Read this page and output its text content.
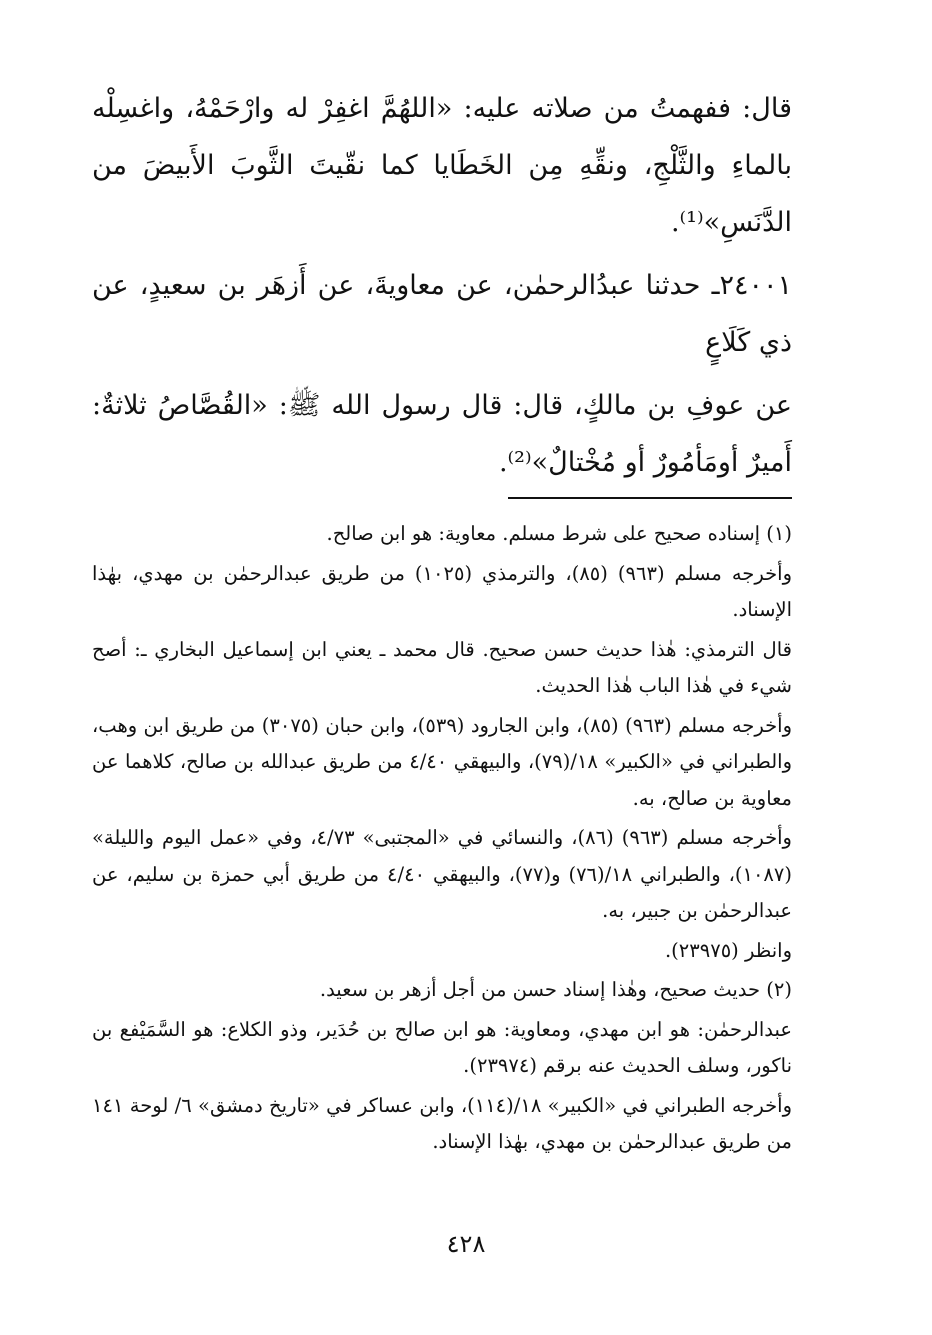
قال: ففهمتُ من صلاته عليه: «اللهُمَّ اغفِرْ له وارْحَمْهُ، واغسِلْه بالماءِ والثَّلْجِ، ونقِّهِ مِن الخَطَايا كما نقّيتَ الثَّوبَ الأَبيضَ من الدَّنَسِ»⁽¹⁾.

٢٤٠٠١ـ حدثنا عبدُالرحمٰن، عن معاويةَ، عن أَزهَر بن سعيدٍ، عن ذي كَلَاعٍ

عن عوفِ بن مالكٍ، قال: قال رسول الله ﷺ: «القُصَّاصُ ثلاثةٌ: أَميرٌ أومَأمُورٌ أو مُخْتالٌ»⁽²⁾.

(١) إسناده صحيح على شرط مسلم. معاوية: هو ابن صالح.

وأخرجه مسلم (٩٦٣) (٨٥)، والترمذي (١٠٢٥) من طريق عبدالرحمٰن بن مهدي، بهٰذا الإسناد.

قال الترمذي: هٰذا حديث حسن صحيح. قال محمد ـ يعني ابن إسماعيل البخاري ـ: أصح شيء في هٰذا الباب هٰذا الحديث.

وأخرجه مسلم (٩٦٣) (٨٥)، وابن الجارود (٥٣٩)، وابن حبان (٣٠٧٥) من طريق ابن وهب، والطبراني في «الكبير» ١٨/(٧٩)، والبيهقي ٤/٤٠ من طريق عبدالله بن صالح، كلاهما عن معاوية بن صالح، به.

وأخرجه مسلم (٩٦٣) (٨٦)، والنسائي في «المجتبى» ٤/٧٣، وفي «عمل اليوم والليلة» (١٠٨٧)، والطبراني ١٨/(٧٦) و(٧٧)، والبيهقي ٤/٤٠ من طريق أبي حمزة بن سليم، عن عبدالرحمٰن بن جبير، به.

وانظر (٢٣٩٧٥).

(٢) حديث صحيح، وهٰذا إسناد حسن من أجل أزهر بن سعيد.

عبدالرحمٰن: هو ابن مهدي، ومعاوية: هو ابن صالح بن حُدَير، وذو الكلاع: هو السَّمَيْفع بن ناكور، وسلف الحديث عنه برقم (٢٣٩٧٤).

وأخرجه الطبراني في «الكبير» ١٨/(١١٤)، وابن عساكر في «تاريخ دمشق» ٦/ لوحة ١٤١ من طريق عبدالرحمٰن بن مهدي، بهٰذا الإسناد.

٤٢٨
